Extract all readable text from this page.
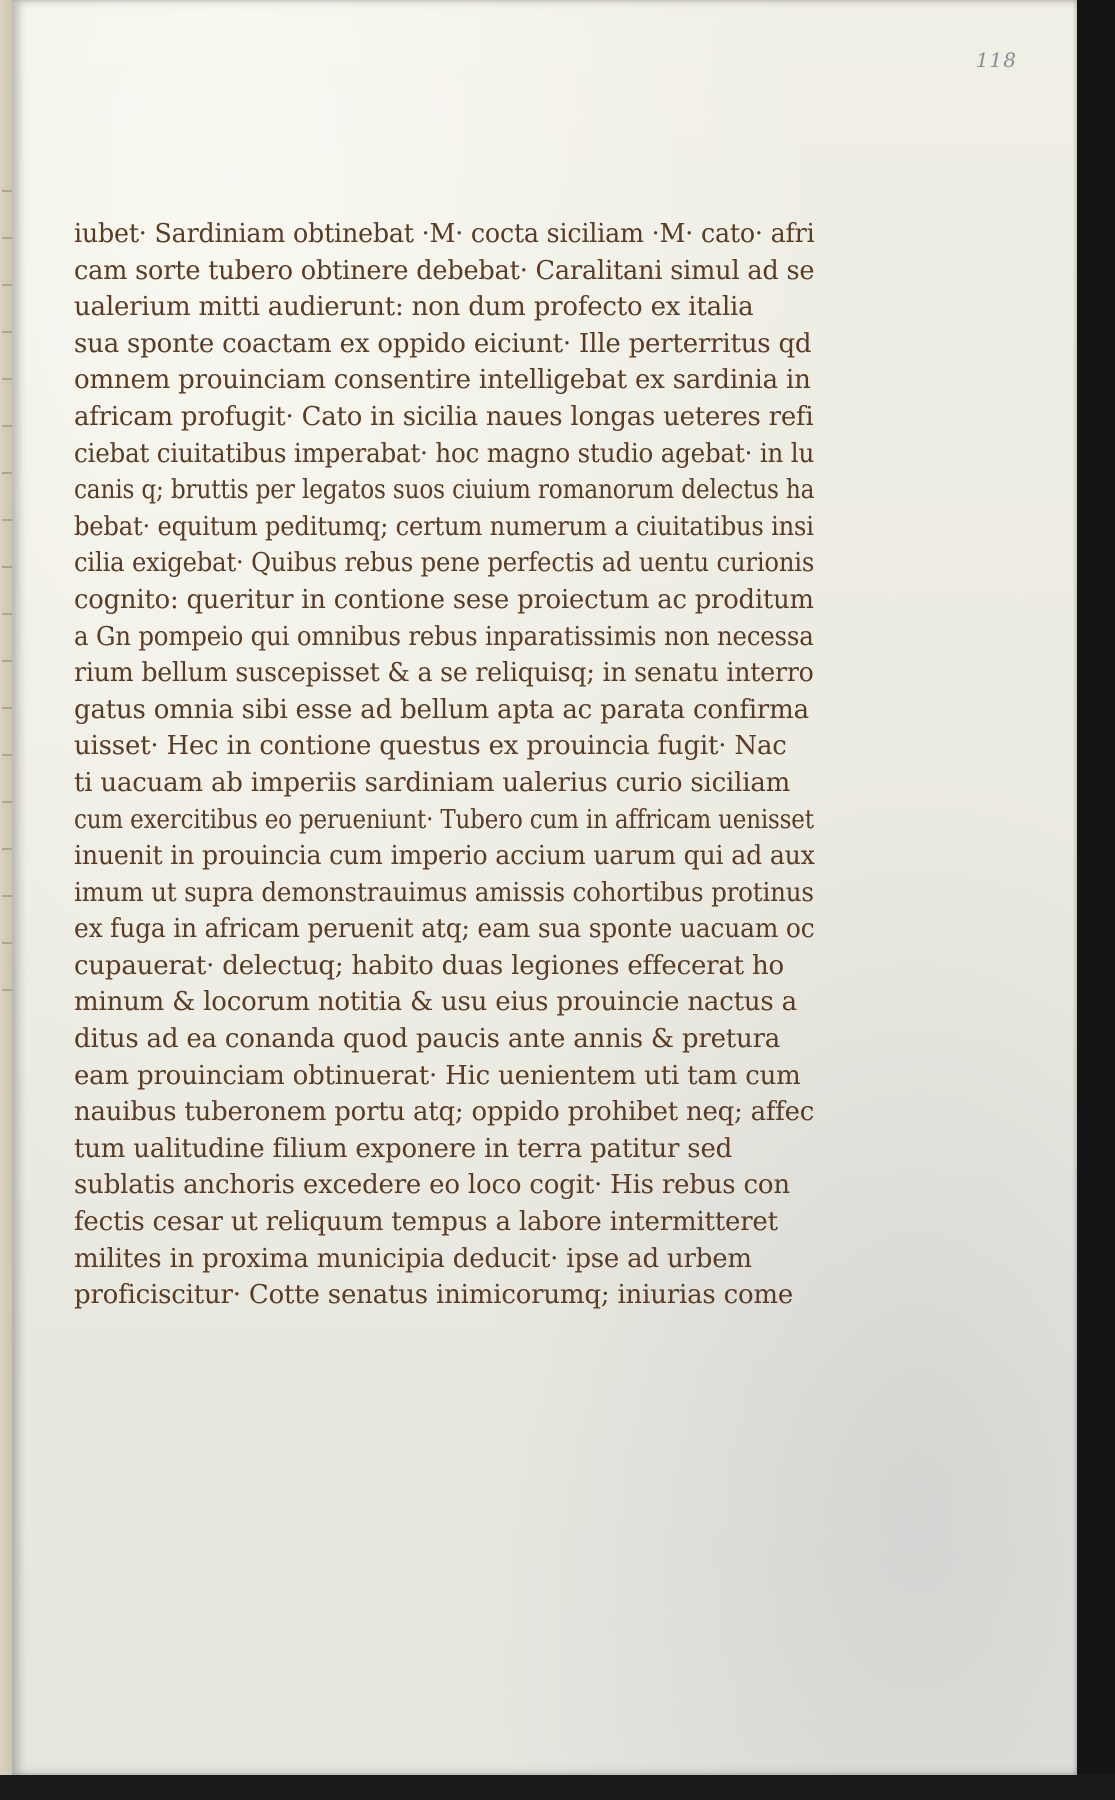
118
iubet· Sardiniam obtinebat ·M· cocta siciliam ·M· cato· afri
cam sorte tubero obtinere debebat· Caralitani simul ad se
ualerium mitti audierunt: non dum profecto ex italia
sua sponte coactam ex oppido eiciunt· Ille perterritus qd
omnem prouinciam consentire intelligebat ex sardinia in
africam profugit· Cato in sicilia naues longas ueteres refi
ciebat ciuitatibus imperabat· hoc magno studio agebat· in lu
canis q; bruttis per legatos suos ciuium romanorum delectus ha
bebat· equitum peditumq; certum numerum a ciuitatibus insi
cilia exigebat· Quibus rebus pene perfectis ad uentu curionis
cognito: queritur in contione sese proiectum ac proditum
a Gn pompeio qui omnibus rebus inparatissimis non necessa
rium bellum suscepisset & a se reliquisq; in senatu interro
gatus omnia sibi esse ad bellum apta ac parata confirma
uisset· Hec in contione questus ex prouincia fugit· Nac
ti uacuam ab imperiis sardiniam ualerius curio siciliam
cum exercitibus eo perueniunt· Tubero cum in affricam uenisset
inuenit in prouincia cum imperio accium uarum qui ad aux
imum ut supra demonstrauimus amissis cohortibus protinus
ex fuga in africam peruenit atq; eam sua sponte uacuam oc
cupauerat· delectuq; habito duas legiones effecerat ho
minum & locorum notitia & usu eius prouincie nactus a
ditus ad ea conanda quod paucis ante annis & pretura
eam prouinciam obtinuerat· Hic uenientem uti tam cum
nauibus tuberonem portu atq; oppido prohibet neq; affec
tum ualitudine filium exponere in terra patitur sed
sublatis anchoris excedere eo loco cogit· His rebus con
fectis cesar ut reliquum tempus a labore intermitteret
milites in proxima municipia deducit· ipse ad urbem
proficiscitur· Cotte senatus inimicorumq; iniurias come
